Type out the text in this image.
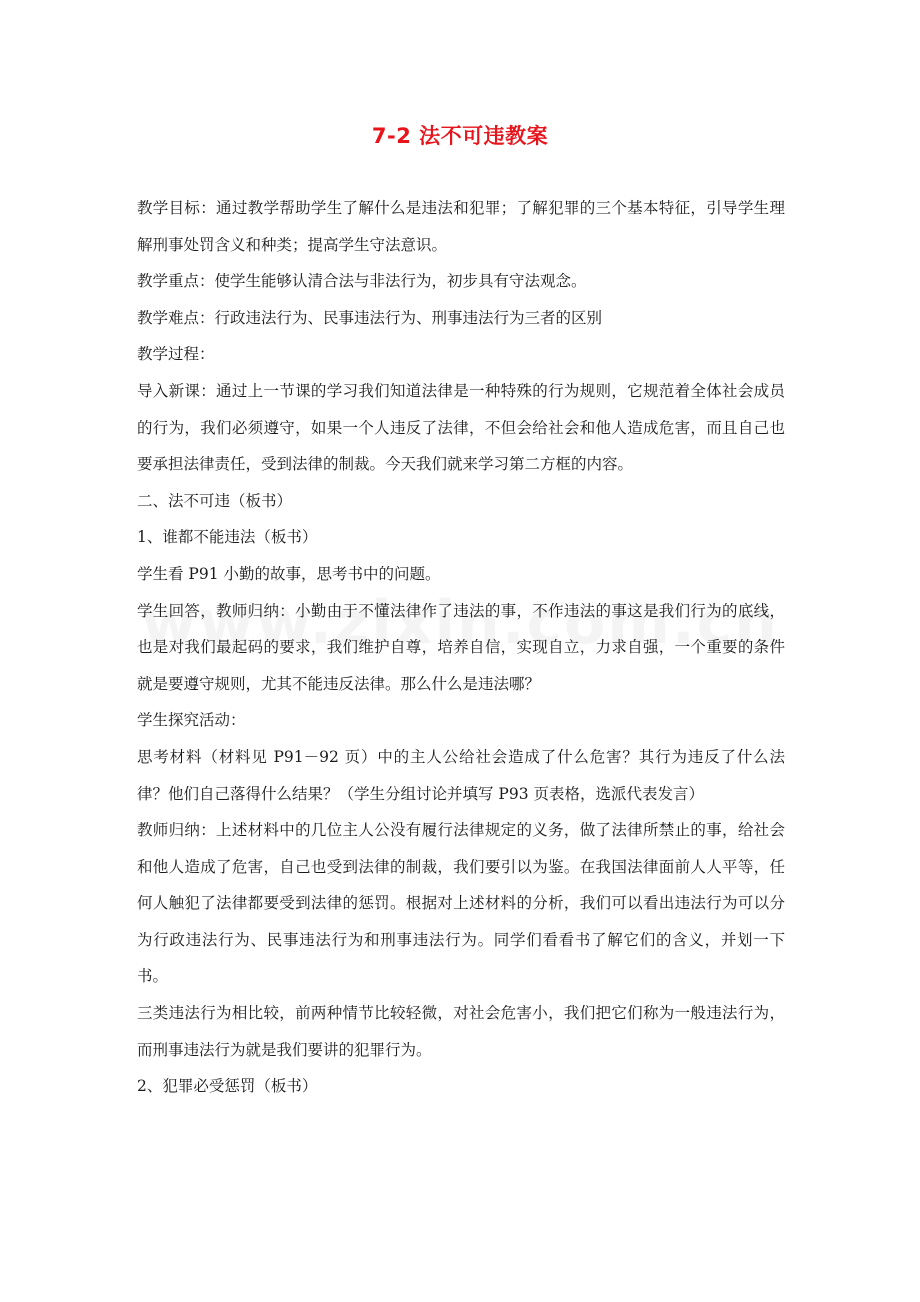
7-2 法不可违教案

教学目标：通过教学帮助学生了解什么是违法和犯罪；了解犯罪的三个基本特征，引导学生理解刑事处罚含义和种类；提高学生守法意识。

教学重点：使学生能够认清合法与非法行为，初步具有守法观念。

教学难点：行政违法行为、民事违法行为、刑事违法行为三者的区别

教学过程：

导入新课：通过上一节课的学习我们知道法律是一种特殊的行为规则，它规范着全体社会成员的行为，我们必须遵守，如果一个人违反了法律，不但会给社会和他人造成危害，而且自己也要承担法律责任，受到法律的制裁。今天我们就来学习第二方框的内容。

二、法不可违（板书）

1、谁都不能违法（板书）

学生看 P91 小勤的故事，思考书中的问题。

学生回答，教师归纳：小勤由于不懂法律作了违法的事，不作违法的事这是我们行为的底线，也是对我们最起码的要求，我们维护自尊，培养自信，实现自立，力求自强，一个重要的条件就是要遵守规则，尤其不能违反法律。那么什么是违法哪？

学生探究活动：

思考材料（材料见 P91－92 页）中的主人公给社会造成了什么危害？其行为违反了什么法律？他们自己落得什么结果？（学生分组讨论并填写 P93 页表格，选派代表发言）

教师归纳：上述材料中的几位主人公没有履行法律规定的义务，做了法律所禁止的事，给社会和他人造成了危害，自己也受到法律的制裁，我们要引以为鉴。在我国法律面前人人平等，任何人触犯了法律都要受到法律的惩罚。根据对上述材料的分析，我们可以看出违法行为可以分为行政违法行为、民事违法行为和刑事违法行为。同学们看看书了解它们的含义，并划一下书。

三类违法行为相比较，前两种情节比较轻微，对社会危害小，我们把它们称为一般违法行为，而刑事违法行为就是我们要讲的犯罪行为。

2、犯罪必受惩罚（板书）
